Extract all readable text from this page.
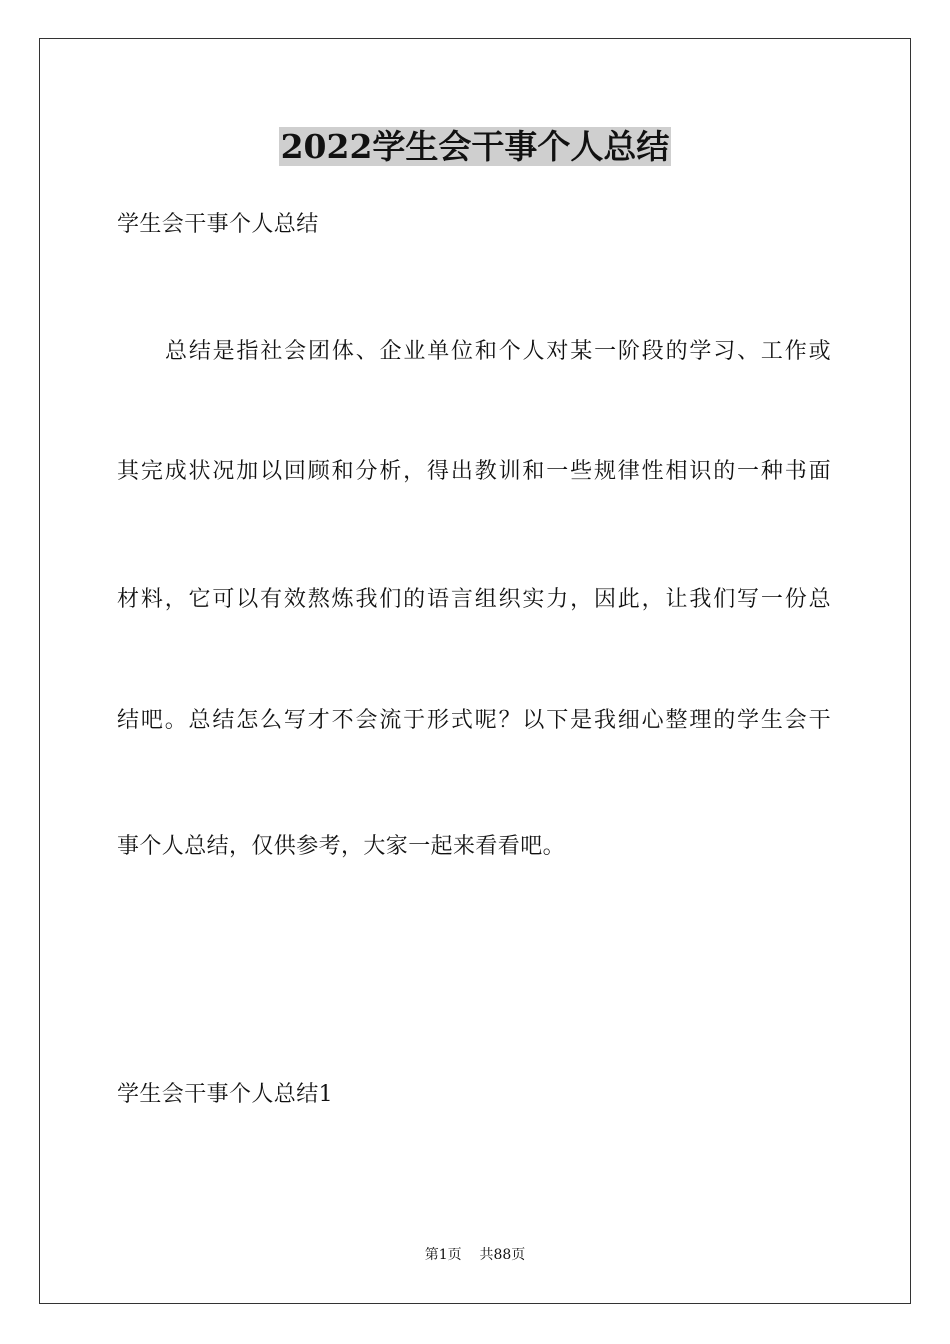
2022学生会干事个人总结
学生会干事个人总结
总结是指社会团体、企业单位和个人对某一阶段的学习、工作或
其完成状况加以回顾和分析，得出教训和一些规律性相识的一种书面
材料，它可以有效熬炼我们的语言组织实力，因此，让我们写一份总
结吧。总结怎么写才不会流于形式呢？以下是我细心整理的学生会干
事个人总结，仅供参考，大家一起来看看吧。
学生会干事个人总结1
第1页    共88页
